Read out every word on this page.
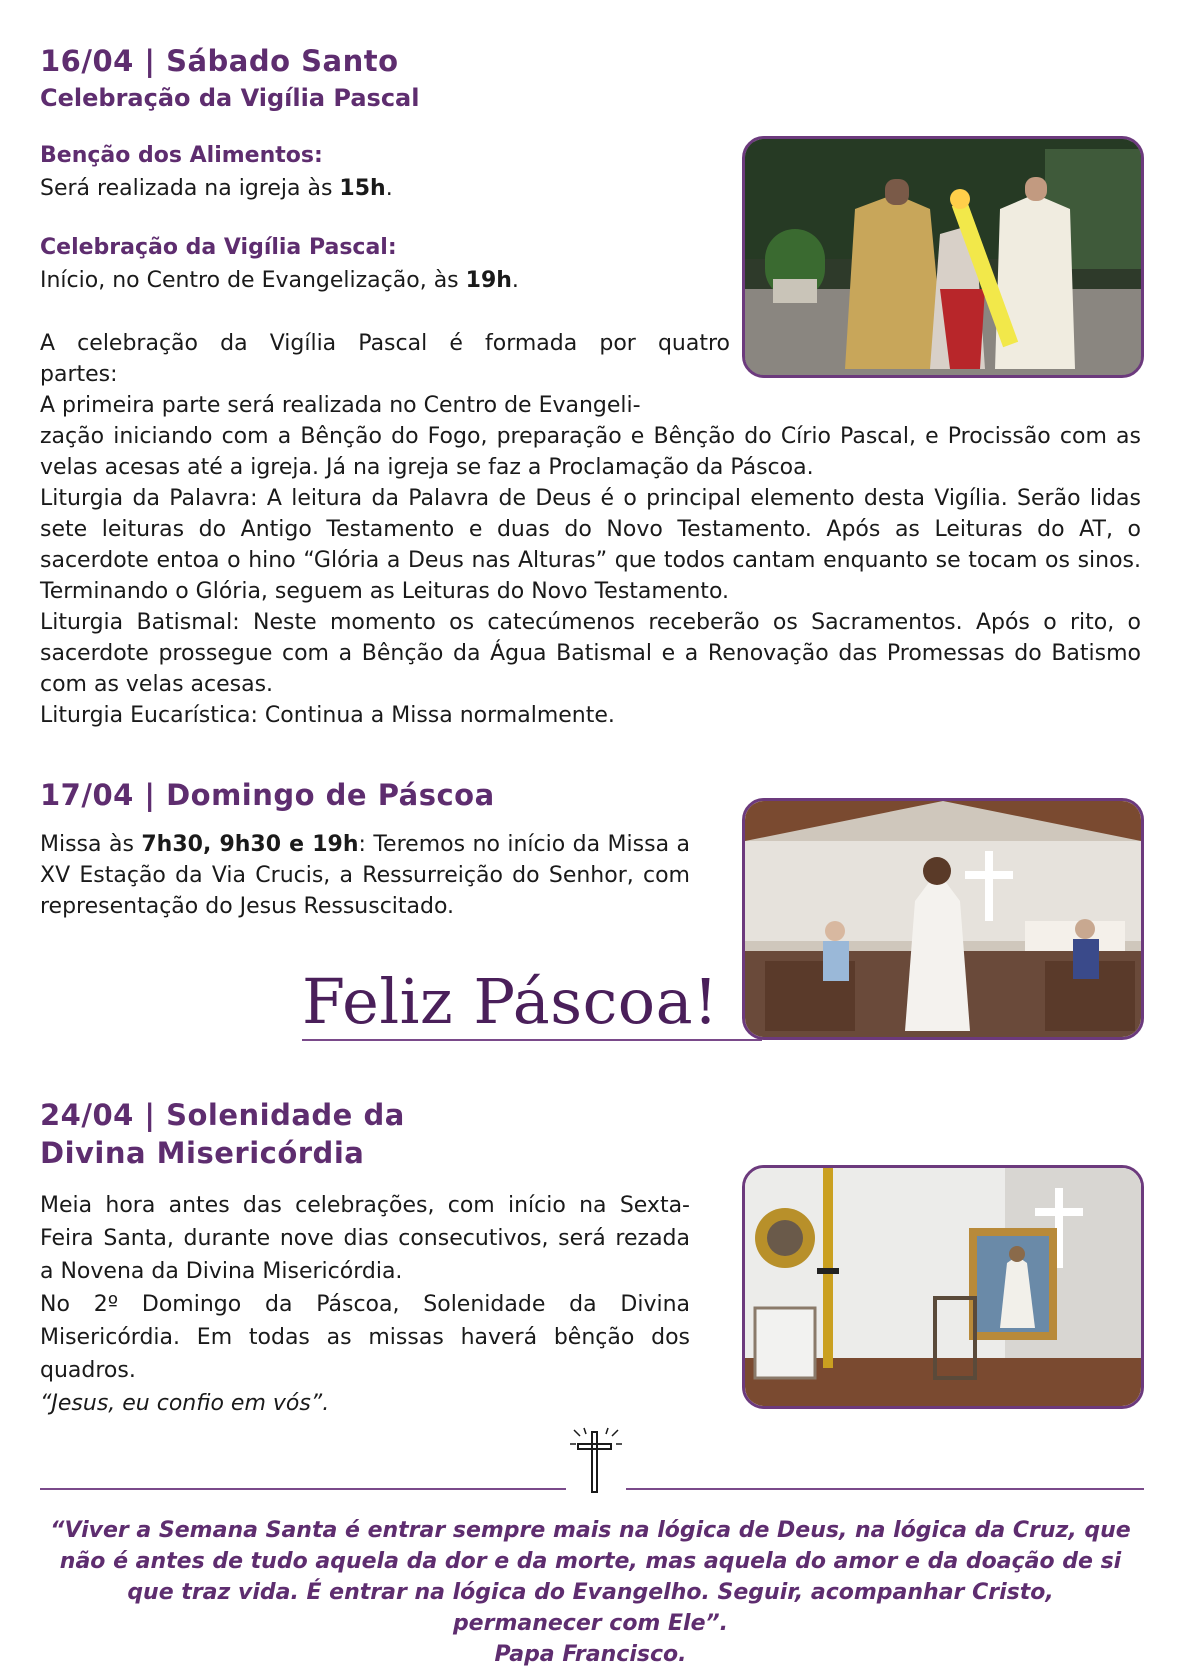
16/04 | Sábado Santo
Celebração da Vigília Pascal
Benção dos Alimentos:
Será realizada na igreja às 15h.
Celebração da Vigília Pascal:
Início, no Centro de Evangelização, às 19h.
A celebração da Vigília Pascal é formada por quatro
partes:
A primeira parte será realizada no Centro de Evangeli-

zação iniciando com a Bênção do Fogo, preparação e Bênção do Círio Pascal, e Procissão com as velas acesas até a igreja. Já na igreja se faz a Proclamação da Páscoa.

Liturgia da Palavra: A leitura da Palavra de Deus é o principal elemento desta Vigília. Serão lidas sete leituras do Antigo Testamento e duas do Novo Testamento. Após as Leituras do AT, o sacerdote entoa o hino “Glória a Deus nas Alturas” que todos cantam enquanto se tocam os sinos. Terminando o Glória, seguem as Leituras do Novo Testamento.

Liturgia Batismal: Neste momento os catecúmenos receberão os Sacramentos. Após o rito, o sacerdote prossegue com a Bênção da Água Batismal e a Renovação das Promessas do Batismo com as velas acesas.

Liturgia Eucarística: Continua a Missa normalmente.

17/04 | Domingo de Páscoa
Missa às 7h30, 9h30 e 19h: Teremos no início da Missa a XV Estação da Via Crucis, a Ressurreição do Senhor, com representação do Jesus Ressuscitado.
Feliz Páscoa!
24/04 | Solenidade da
Divina Misericórdia

Meia hora antes das celebrações, com início na Sexta-Feira Santa, durante nove dias consecutivos, será rezada a Novena da Divina Misericórdia.

No 2º Domingo da Páscoa, Solenidade da Divina Misericórdia. Em todas as missas haverá bênção dos quadros.

“Jesus, eu confio em vós”.

“Viver a Semana Santa é entrar sempre mais na lógica de Deus, na lógica da Cruz, que não é antes de tudo aquela da dor e da morte, mas aquela do amor e da doação de si que traz vida. É entrar na lógica do Evangelho. Seguir, acompanhar Cristo, permanecer com Ele”.

Papa Francisco.
